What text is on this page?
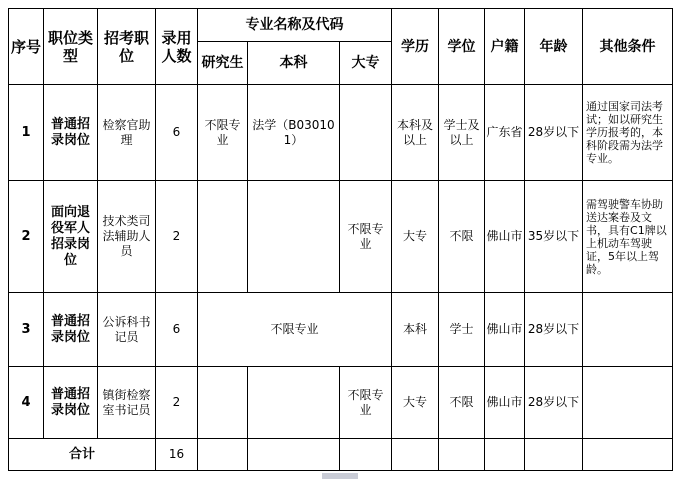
序号	职位类型	招考职位	录用人数	专业名称及代码			学历	学位	户籍	年龄	其他条件
				研究生	本科	大专					
1	普通招录岗位	检察官助理	6	不限专业	法学（B030101）		本科及以上	学士及以上	广东省	28岁以下	通过国家司法考试；如以研究生学历报考的，本科阶段需为法学专业。
2	面向退役军人招录岗位	技术类司法辅助人员	2			不限专业	大专	不限	佛山市	35岁以下	需驾驶警车协助送达案卷及文书，具有C1牌以上机动车驾驶证，5年以上驾龄。
3	普通招录岗位	公诉科书记员	6	不限专业			本科	学士	佛山市	28岁以下	
4	普通招录岗位	镇街检察室书记员	2			不限专业	大专	不限	佛山市	28岁以下	
合计			16								
